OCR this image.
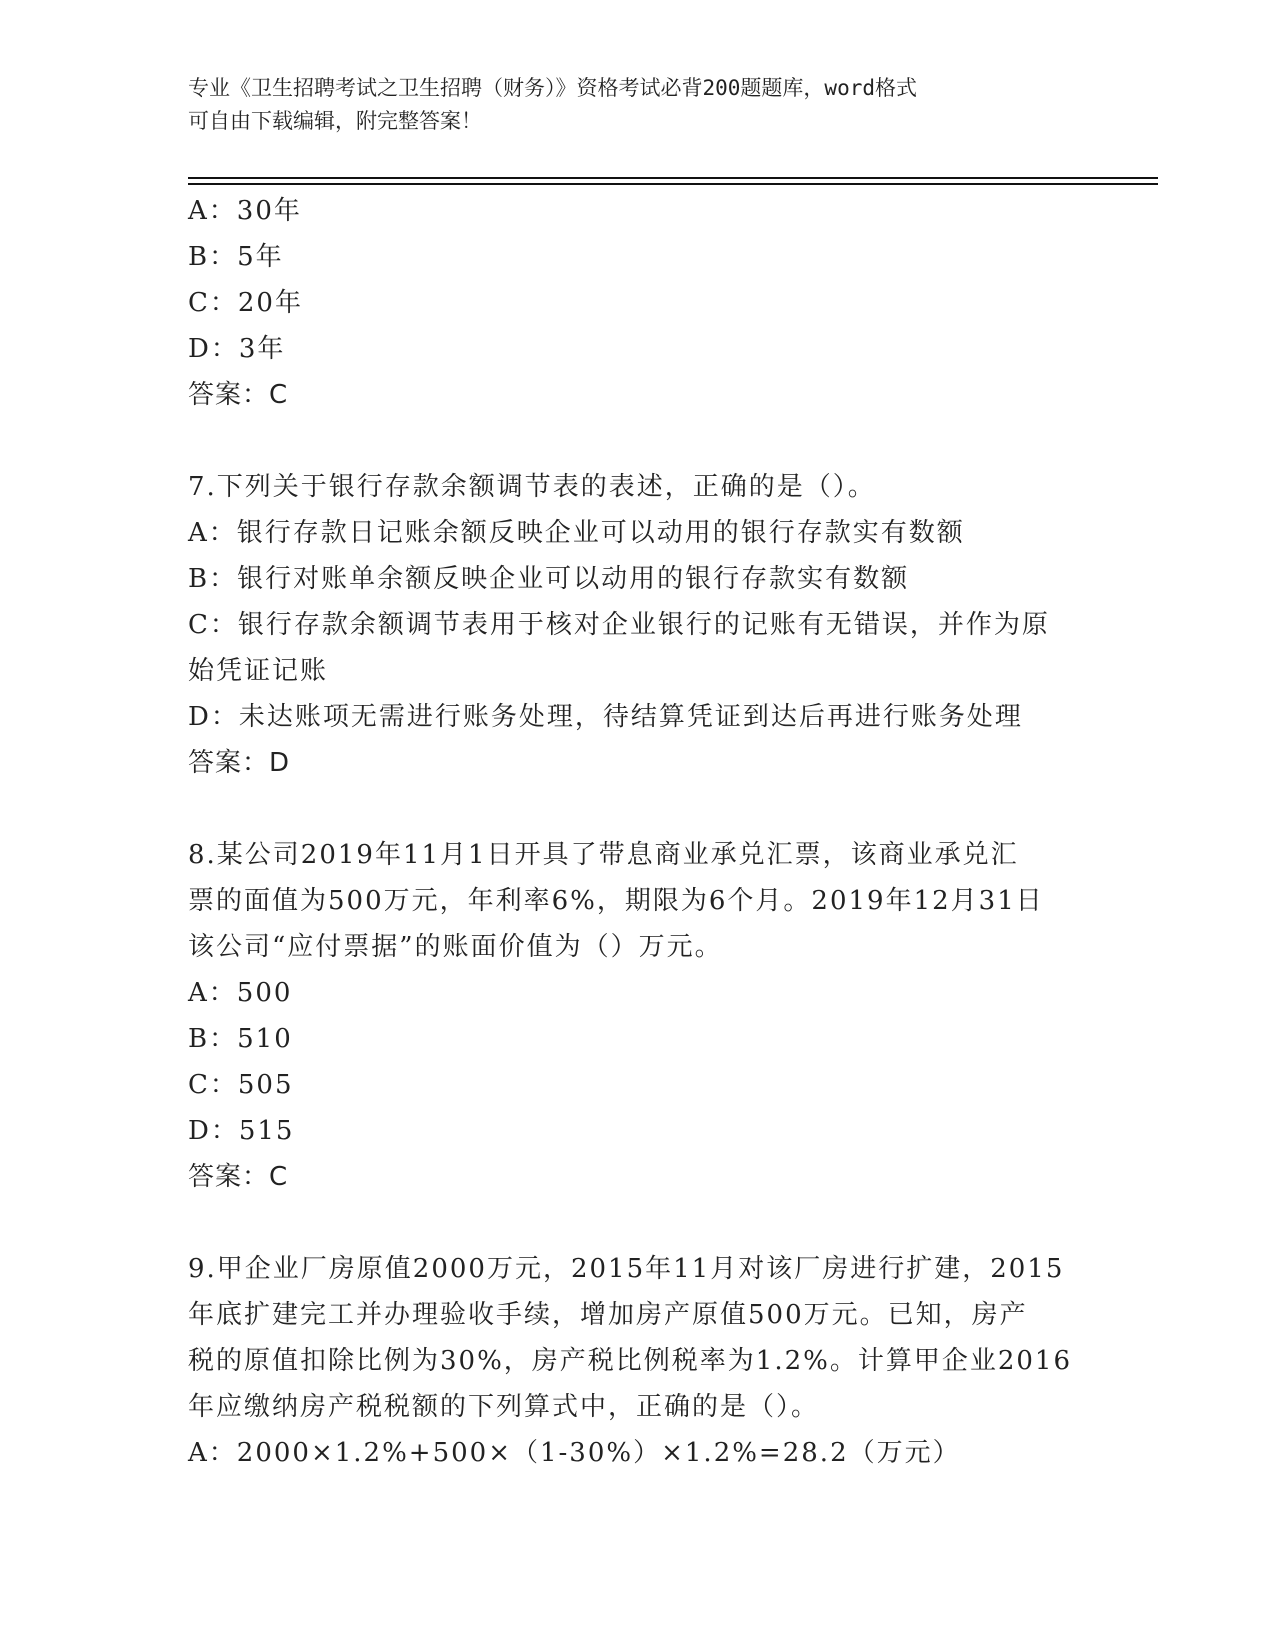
专业《卫生招聘考试之卫生招聘（财务）》资格考试必背200题题库，word格式
可自由下载编辑，附完整答案！
A：30年
B：5年
C：20年
D：3年
答案：C
7.下列关于银行存款余额调节表的表述，正确的是（）。
A：银行存款日记账余额反映企业可以动用的银行存款实有数额
B：银行对账单余额反映企业可以动用的银行存款实有数额
C：银行存款余额调节表用于核对企业银行的记账有无错误，并作为原
始凭证记账
D：未达账项无需进行账务处理，待结算凭证到达后再进行账务处理
答案：D
8.某公司2019年11月1日开具了带息商业承兑汇票，该商业承兑汇
票的面值为500万元，年利率6%，期限为6个月。2019年12月31日
该公司“应付票据”的账面价值为（）万元。
A：500
B：510
C：505
D：515
答案：C
9.甲企业厂房原值2000万元，2015年11月对该厂房进行扩建，2015
年底扩建完工并办理验收手续，增加房产原值500万元。已知，房产
税的原值扣除比例为30%，房产税比例税率为1.2%。计算甲企业2016
年应缴纳房产税税额的下列算式中，正确的是（）。
A：2000×1.2%+500×（1-30%）×1.2%=28.2（万元）
